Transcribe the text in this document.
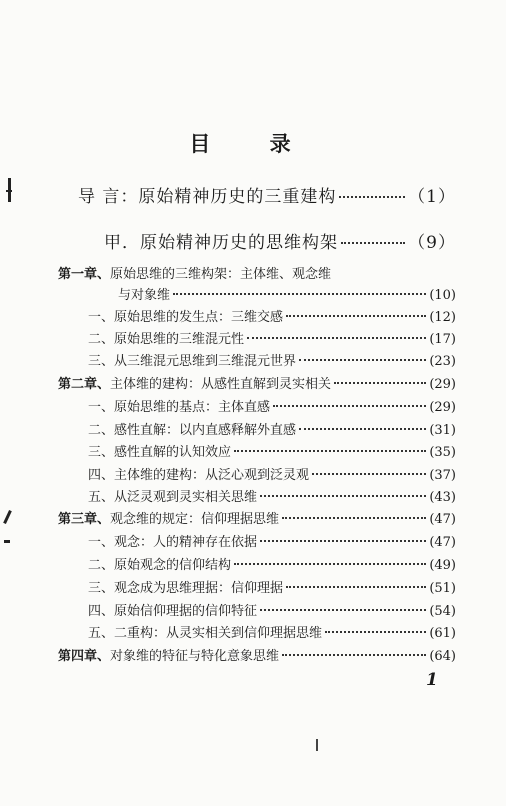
目 录
导 言：原始精神历史的三重建构	（1）
甲．原始精神历史的思维构架	（9）
第一章、 原始思维的三维构架：主体维、观念维
与对象维	(10)
一、原始思维的发生点：三维交感	(12)
二、原始思维的三维混元性	(17)
三、从三维混元思维到三维混元世界	(23)
第二章、 主体维的建构：从感性直解到灵实相关	(29)
一、原始思维的基点：主体直感	(29)
二、感性直解：以内直感释解外直感	(31)
三、感性直解的认知效应	(35)
四、主体维的建构：从泛心观到泛灵观	(37)
五、从泛灵观到灵实相关思维	(43)
第三章、 观念维的规定：信仰理据思维	(47)
一、观念：人的精神存在依据	(47)
二、原始观念的信仰结构	(49)
三、观念成为思维理据：信仰理据	(51)
四、原始信仰理据的信仰特征	(54)
五、二重构：从灵实相关到信仰理据思维	(61)
第四章、 对象维的特征与特化意象思维	(64)
1
